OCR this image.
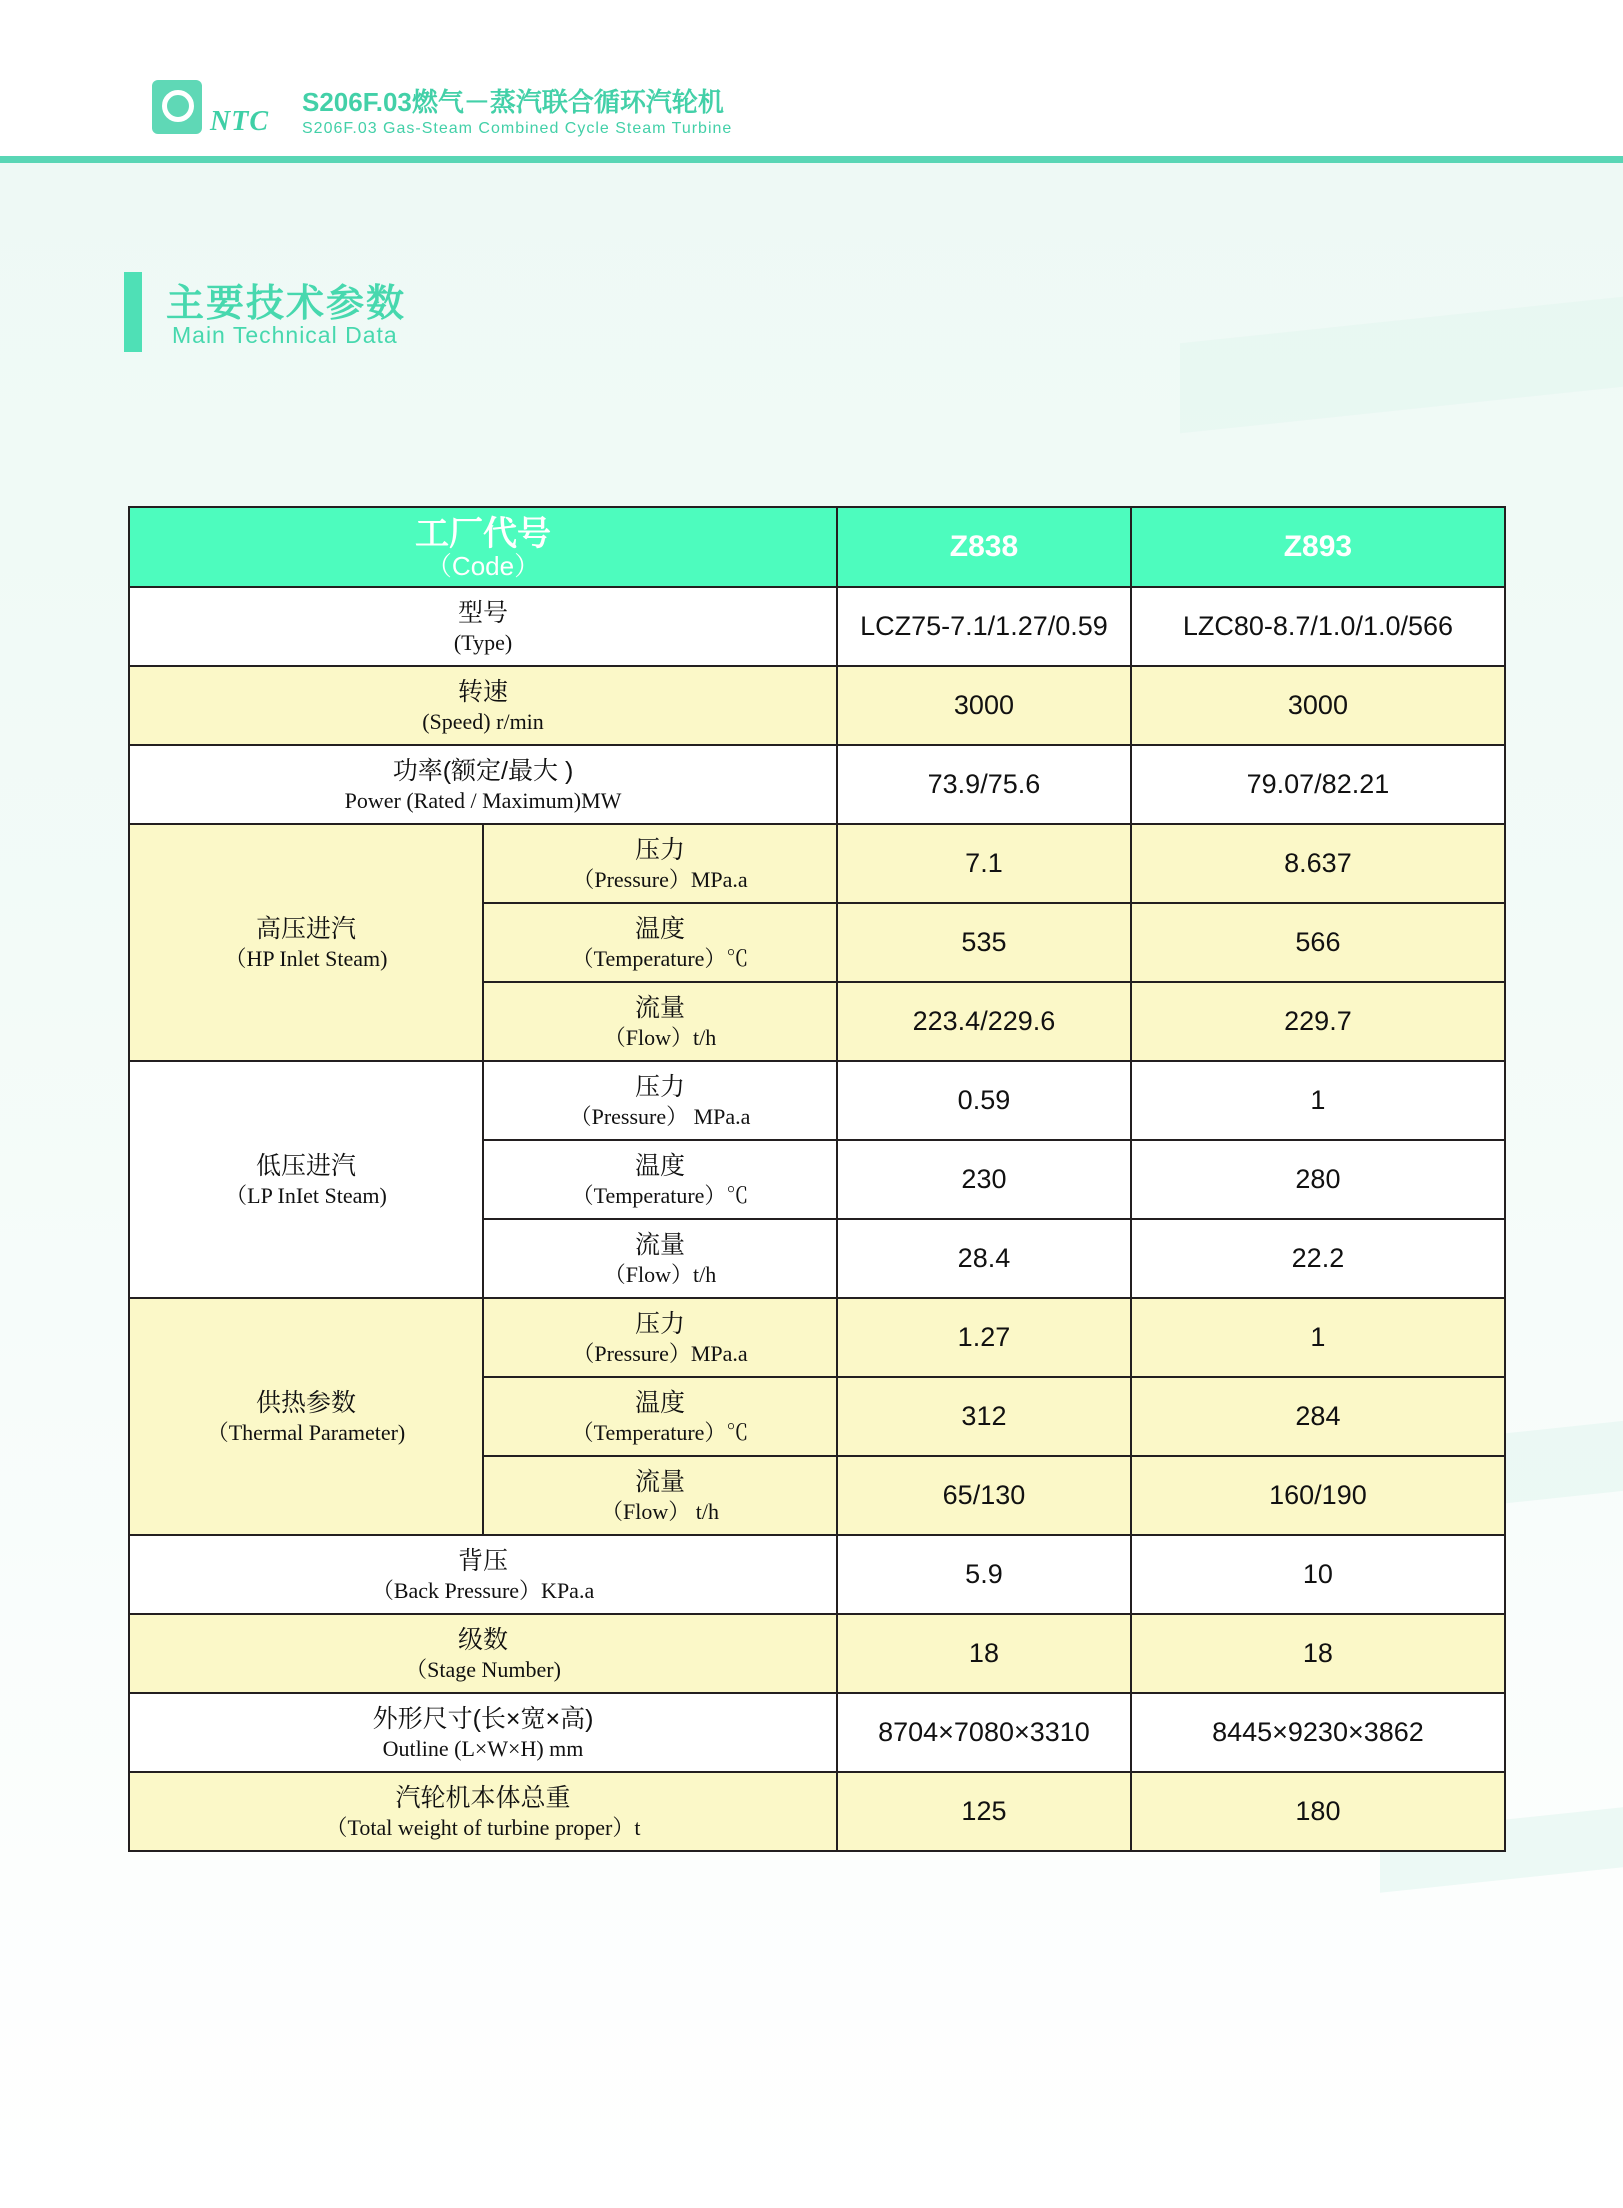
NTC
S206F.03燃气－蒸汽联合循环汽轮机
S206F.03 Gas-Steam Combined Cycle Steam Turbine
主要技术参数
Main Technical Data
工厂代号
（Code）		Z838	Z893

型号
(Type)		LCZ75-7.1/1.27/0.59	LZC80-8.7/1.0/1.0/566

转速
(Speed) r/min		3000	3000

功率(额定/最大 )
Power (Rated / Maximum)MW		73.9/75.6	79.07/82.21

高压进汽
（HP Inlet Steam)	压力
（Pressure）MPa.a	7.1	8.637

	温度
（Temperature）℃	535	566

	流量
（Flow）t/h	223.4/229.6	229.7

低压进汽
（LP InIet Steam)	压力
（Pressure） MPa.a	0.59	1

	温度
（Temperature）℃	230	280

	流量
（Flow）t/h	28.4	22.2

供热参数
（Thermal Parameter)	压力
（Pressure）MPa.a	1.27	1

	温度
（Temperature）℃	312	284

	流量
（Flow） t/h	65/130	160/190

背压
（Back Pressure）KPa.a		5.9	10

级数
（Stage Number)		18	18

外形尺寸(长×宽×高)
Outline (L×W×H) mm		8704×7080×3310	8445×9230×3862

汽轮机本体总重
（Total weight of turbine proper）t		125	180
